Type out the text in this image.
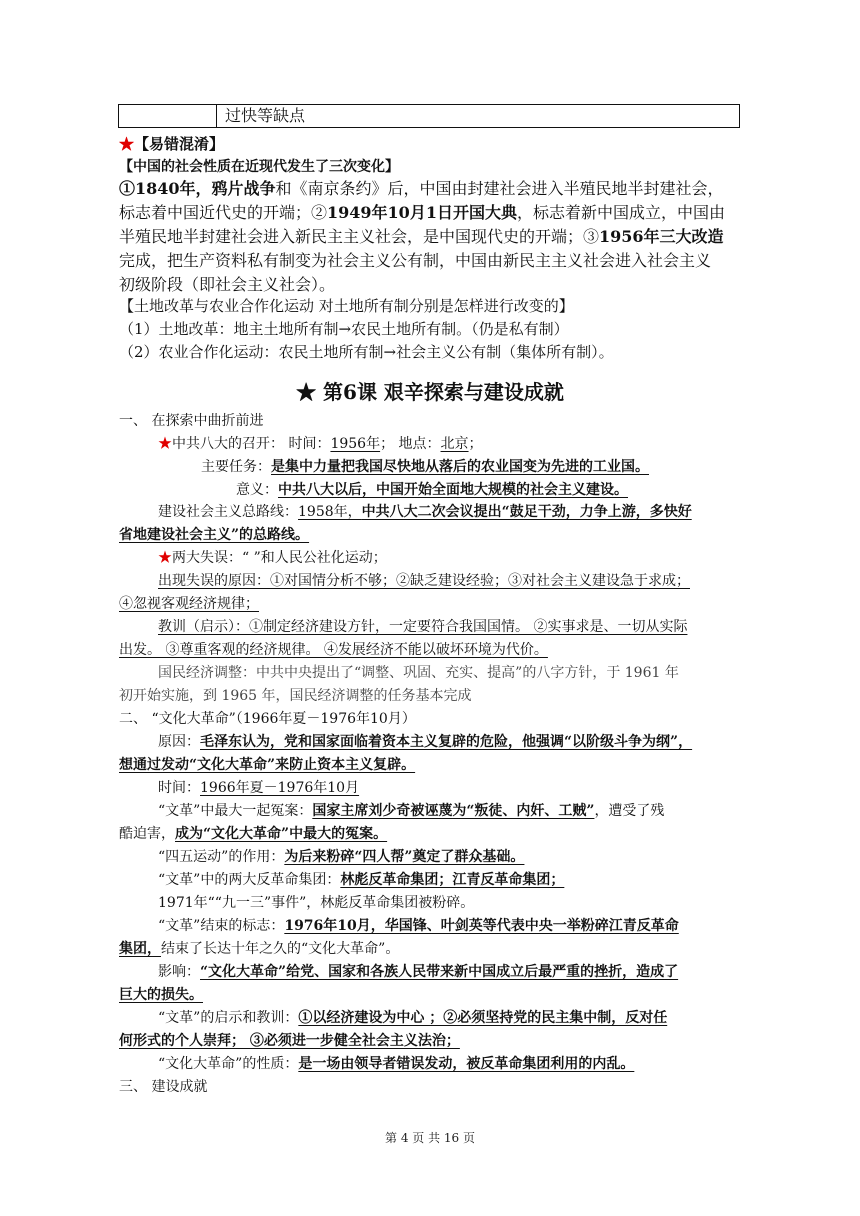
过快等缺点
★【易错混淆】
【中国的社会性质在近现代发生了三次变化】
①1840年，鸦片战争和《南京条约》后，中国由封建社会进入半殖民地半封建社会，
标志着中国近代史的开端；②1949年10月1日开国大典，标志着新中国成立，中国由
半殖民地半封建社会进入新民主主义社会，是中国现代史的开端；③1956年三大改造
完成，把生产资料私有制变为社会主义公有制，中国由新民主主义社会进入社会主义
初级阶段（即社会主义社会）。
【土地改革与农业合作化运动 对土地所有制分别是怎样进行改变的】
（1）土地改革：地主土地所有制→农民土地所有制。（仍是私有制）
（2）农业合作化运动：农民土地所有制→社会主义公有制（集体所有制）。
★ 第6课 艰辛探索与建设成就
一、 在探索中曲折前进
★中共八大的召开： 时间：1956年； 地点：北京；
主要任务：是集中力量把我国尽快地从落后的农业国变为先进的工业国。
意义：中共八大以后，中国开始全面地大规模的社会主义建设。
建设社会主义总路线：1958年，中共八大二次会议提出“鼓足干劲，力争上游，多快好
省地建设社会主义”的总路线。
★两大失误：“ ”和人民公社化运动；
出现失误的原因：①对国情分析不够；②缺乏建设经验；③对社会主义建设急于求成；
④忽视客观经济规律；
教训（启示）：①制定经济建设方针，一定要符合我国国情。 ②实事求是、一切从实际
出发。 ③尊重客观的经济规律。 ④发展经济不能以破坏环境为代价。
国民经济调整：中共中央提出了“调整、巩固、充实、提高”的八字方针，于 1961 年
初开始实施，到 1965 年，国民经济调整的任务基本完成
二、 “文化大革命”（1966年夏－1976年10月）
原因：毛泽东认为，党和国家面临着资本主义复辟的危险，他强调“以阶级斗争为纲”，
想通过发动“文化大革命”来防止资本主义复辟。
时间：1966年夏－1976年10月
“文革”中最大一起冤案：国家主席刘少奇被诬蔑为“叛徒、内奸、工贼”，遭受了残
酷迫害，成为“文化大革命”中最大的冤案。
“四五运动”的作用：为后来粉碎“四人帮”奠定了群众基础。
“文革”中的两大反革命集团：林彪反革命集团；江青反革命集团；
1971年““九一三”事件”，林彪反革命集团被粉碎。
“文革”结束的标志：1976年10月，华国锋、叶剑英等代表中央一举粉碎江青反革命
集团，结束了长达十年之久的“文化大革命”。
影响：“文化大革命”给党、国家和各族人民带来新中国成立后最严重的挫折，造成了
巨大的损失。
“文革”的启示和教训：①以经济建设为中心 ；②必须坚持党的民主集中制，反对任
何形式的个人崇拜； ③必须进一步健全社会主义法治；
“文化大革命”的性质：是一场由领导者错误发动，被反革命集团利用的内乱。
三、 建设成就
第 4 页 共 16 页
